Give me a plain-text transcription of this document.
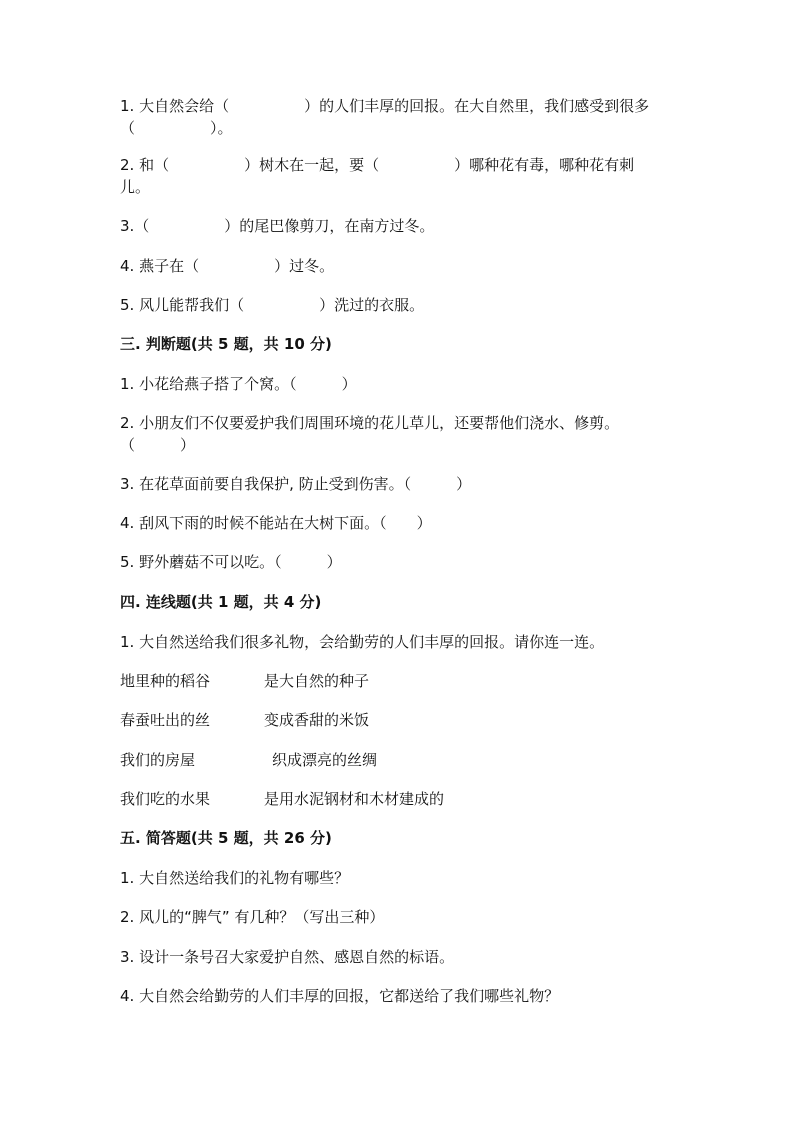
1. 大自然会给（　　　　　）的人们丰厚的回报。在大自然里，我们感受到很多
（　　　　　）。
2. 和（　　　　　）树木在一起，要（　　　　　）哪种花有毒，哪种花有刺
儿。
3.（　　　　　）的尾巴像剪刀，在南方过冬。
4. 燕子在（　　　　　）过冬。
5. 风儿能帮我们（　　　　　）洗过的衣服。
三. 判断题(共 5 题，共 10 分)
1. 小花给燕子搭了个窝。（　　　）
2. 小朋友们不仅要爱护我们周围环境的花儿草儿，还要帮他们浇水、修剪。
（　　　）
3. 在花草面前要自我保护, 防止受到伤害。（　　　）
4. 刮风下雨的时候不能站在大树下面。（　　）
5. 野外蘑菇不可以吃。（　　　）
四. 连线题(共 1 题，共 4 分)
1. 大自然送给我们很多礼物，会给勤劳的人们丰厚的回报。请你连一连。
地里种的稻谷	是大自然的种子
春蚕吐出的丝	变成香甜的米饭
我们的房屋	织成漂亮的丝绸
我们吃的水果	是用水泥钢材和木材建成的
五. 简答题(共 5 题，共 26 分)
1. 大自然送给我们的礼物有哪些？
2. 风儿的“脾气” 有几种？（写出三种）
3. 设计一条号召大家爱护自然、感恩自然的标语。
4. 大自然会给勤劳的人们丰厚的回报，它都送给了我们哪些礼物？
